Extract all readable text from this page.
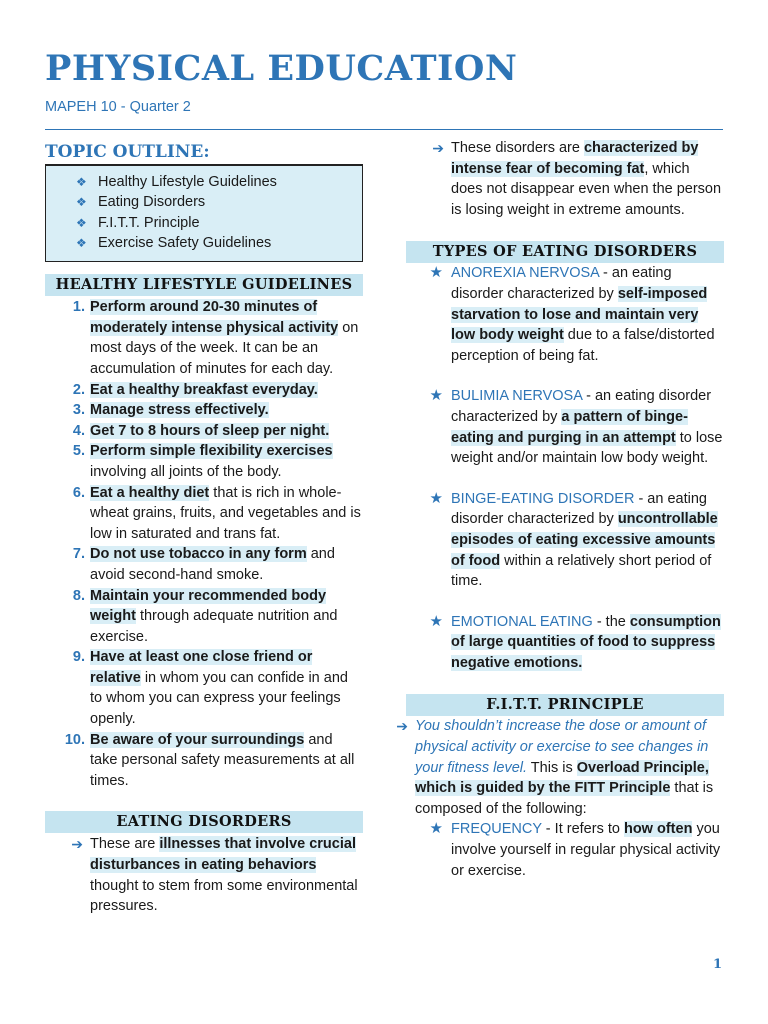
PHYSICAL EDUCATION
MAPEH 10 - Quarter 2
TOPIC OUTLINE:
❖ Healthy Lifestyle Guidelines
❖ Eating Disorders
❖ F.I.T.T. Principle
❖ Exercise Safety Guidelines
HEALTHY LIFESTYLE GUIDELINES
1. Perform around 20-30 minutes of moderately intense physical activity on most days of the week. It can be an accumulation of minutes for each day.
2. Eat a healthy breakfast everyday.
3. Manage stress effectively.
4. Get 7 to 8 hours of sleep per night.
5. Perform simple flexibility exercises involving all joints of the body.
6. Eat a healthy diet that is rich in whole-wheat grains, fruits, and vegetables and is low in saturated and trans fat.
7. Do not use tobacco in any form and avoid second-hand smoke.
8. Maintain your recommended body weight through adequate nutrition and exercise.
9. Have at least one close friend or relative in whom you can confide in and to whom you can express your feelings openly.
10. Be aware of your surroundings and take personal safety measurements at all times.
EATING DISORDERS
➔ These are illnesses that involve crucial disturbances in eating behaviors thought to stem from some environmental pressures.
➔ These disorders are characterized by intense fear of becoming fat, which does not disappear even when the person is losing weight in extreme amounts.
TYPES OF EATING DISORDERS
★ ANOREXIA NERVOSA - an eating disorder characterized by self-imposed starvation to lose and maintain very low body weight due to a false/distorted perception of being fat.
★ BULIMIA NERVOSA - an eating disorder characterized by a pattern of binge-eating and purging in an attempt to lose weight and/or maintain low body weight.
★ BINGE-EATING DISORDER - an eating disorder characterized by uncontrollable episodes of eating excessive amounts of food within a relatively short period of time.
★ EMOTIONAL EATING - the consumption of large quantities of food to suppress negative emotions.
F.I.T.T. PRINCIPLE
➔ You shouldn’t increase the dose or amount of physical activity or exercise to see changes in your fitness level. This is Overload Principle, which is guided by the FITT Principle that is composed of the following:
★ FREQUENCY - It refers to how often you involve yourself in regular physical activity or exercise.
1
